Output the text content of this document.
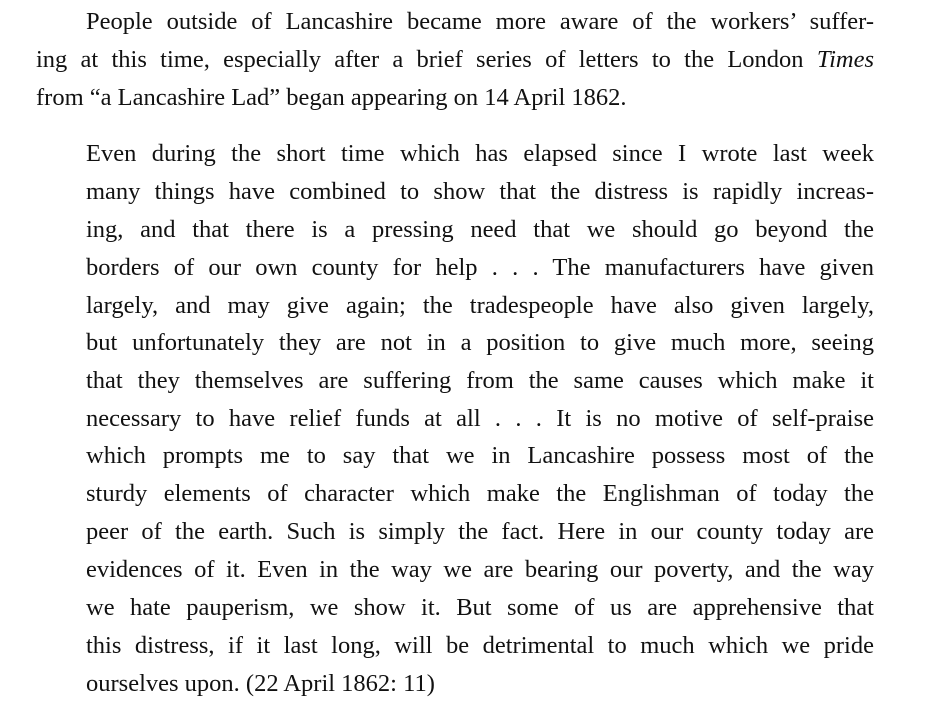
People outside of Lancashire became more aware of the workers’ suffer-
ing at this time, especially after a brief series of letters to the London Times
from “a Lancashire Lad” began appearing on 14 April 1862.
Even during the short time which has elapsed since I wrote last week
many things have combined to show that the distress is rapidly increas-
ing, and that there is a pressing need that we should go beyond the
borders of our own county for help . . . The manufacturers have given
largely, and may give again; the tradespeople have also given largely,
but unfortunately they are not in a position to give much more, seeing
that they themselves are suffering from the same causes which make it
necessary to have relief funds at all . . . It is no motive of self-praise
which prompts me to say that we in Lancashire possess most of the
sturdy elements of character which make the Englishman of today the
peer of the earth. Such is simply the fact. Here in our county today are
evidences of it. Even in the way we are bearing our poverty, and the way
we hate pauperism, we show it. But some of us are apprehensive that
this distress, if it last long, will be detrimental to much which we pride
ourselves upon. (22 April 1862: 11)
